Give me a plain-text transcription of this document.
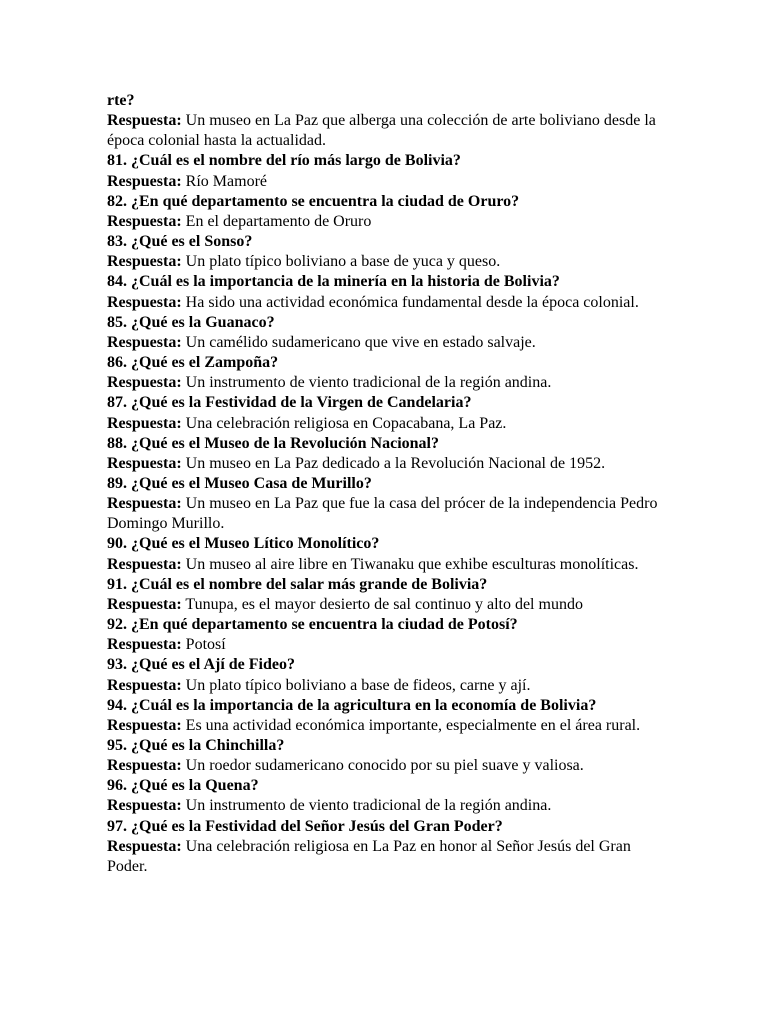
rte?
Respuesta: Un museo en La Paz que alberga una colección de arte boliviano desde la época colonial hasta la actualidad.
81. ¿Cuál es el nombre del río más largo de Bolivia?
Respuesta: Río Mamoré
82. ¿En qué departamento se encuentra la ciudad de Oruro?
Respuesta: En el departamento de Oruro
83. ¿Qué es el Sonso?
Respuesta: Un plato típico boliviano a base de yuca y queso.
84. ¿Cuál es la importancia de la minería en la historia de Bolivia?
Respuesta: Ha sido una actividad económica fundamental desde la época colonial.
85. ¿Qué es la Guanaco?
Respuesta: Un camélido sudamericano que vive en estado salvaje.
86. ¿Qué es el Zampoña?
Respuesta: Un instrumento de viento tradicional de la región andina.
87. ¿Qué es la Festividad de la Virgen de Candelaria?
Respuesta: Una celebración religiosa en Copacabana, La Paz.
88. ¿Qué es el Museo de la Revolución Nacional?
Respuesta: Un museo en La Paz dedicado a la Revolución Nacional de 1952.
89. ¿Qué es el Museo Casa de Murillo?
Respuesta: Un museo en La Paz que fue la casa del prócer de la independencia Pedro Domingo Murillo.
90. ¿Qué es el Museo Lítico Monolítico?
Respuesta: Un museo al aire libre en Tiwanaku que exhibe esculturas monolíticas.
91. ¿Cuál es el nombre del salar más grande de Bolivia?
Respuesta: Tunupa, es el mayor desierto de sal continuo y alto del mundo
92. ¿En qué departamento se encuentra la ciudad de Potosí?
Respuesta: Potosí
93. ¿Qué es el Ají de Fideo?
Respuesta: Un plato típico boliviano a base de fideos, carne y ají.
94. ¿Cuál es la importancia de la agricultura en la economía de Bolivia?
Respuesta: Es una actividad económica importante, especialmente en el área rural.
95. ¿Qué es la Chinchilla?
Respuesta: Un roedor sudamericano conocido por su piel suave y valiosa.
96. ¿Qué es la Quena?
Respuesta: Un instrumento de viento tradicional de la región andina.
97. ¿Qué es la Festividad del Señor Jesús del Gran Poder?
Respuesta: Una celebración religiosa en La Paz en honor al Señor Jesús del Gran Poder.
